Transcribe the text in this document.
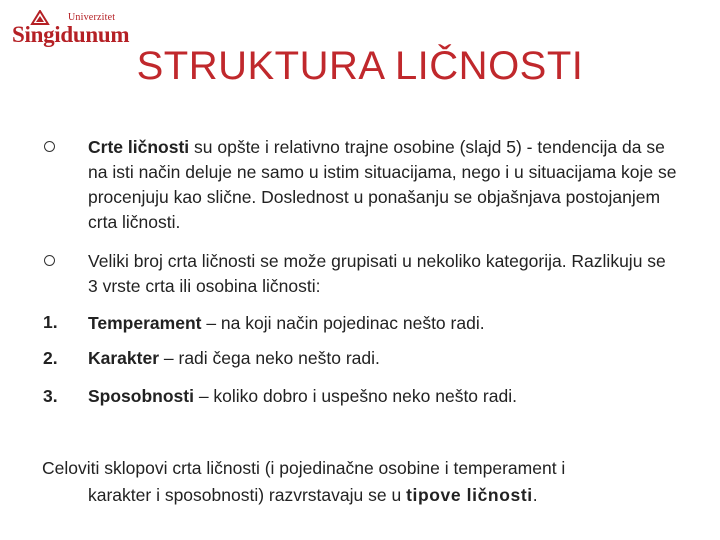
Univerzitet
Singidunum
STRUKTURA LIČNOSTI
Crte ličnosti su opšte i relativno trajne osobine (slajd 5) - tendencija da se na isti način deluje ne samo u istim situacijama, nego i u situacijama koje se procenjuju kao slične. Doslednost u ponašanju se objašnjava postojanjem crta ličnosti.
Veliki broj crta ličnosti se može grupisati u nekoliko kategorija. Razlikuju se 3 vrste crta ili osobina ličnosti:
1. Temperament – na koji način pojedinac nešto radi.
2. Karakter – radi čega neko nešto radi.
3. Sposobnosti – koliko dobro i uspešno neko nešto radi.
Celoviti sklopovi crta ličnosti (i pojedinačne osobine i temperament i
karakter i sposobnosti) razvrstavaju se u tipove ličnosti.
